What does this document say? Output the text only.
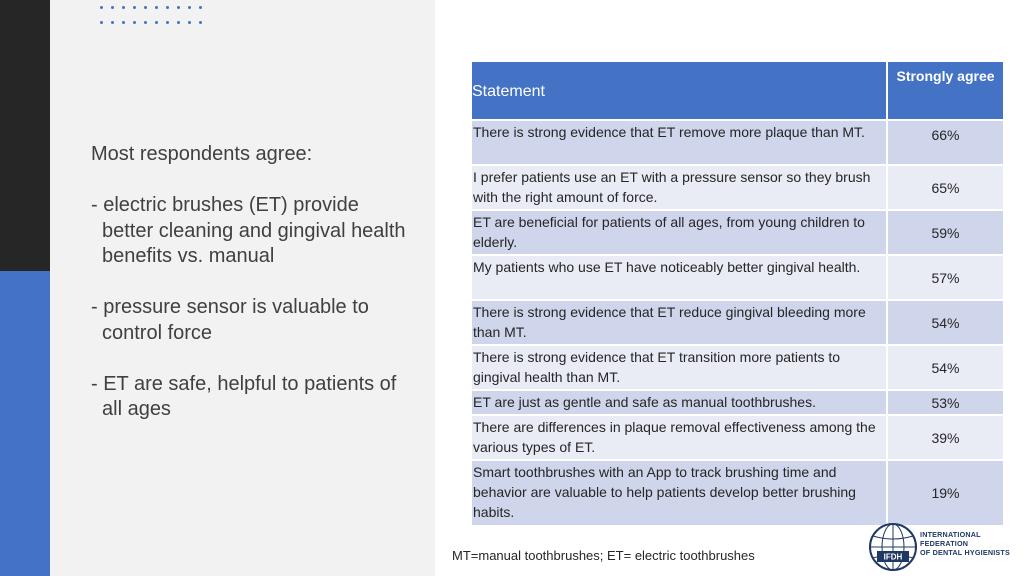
Most respondents agree:
- electric brushes (ET) provide better cleaning and gingival health benefits vs. manual
- pressure sensor is valuable to control force
- ET are safe, helpful to patients of all ages
Statement	Strongly agree
There is strong evidence that ET remove more plaque than MT.	66%
I prefer patients use an ET with a pressure sensor so they brush with the right amount of force.	65%
ET are beneficial for patients of all ages, from young children to elderly.	59%
My patients who use ET have noticeably better gingival health.	57%
There is strong evidence that ET reduce gingival bleeding more than MT.	54%
There is strong evidence that ET transition more patients to gingival health than MT.	54%
ET are just as gentle and safe as manual toothbrushes.	53%
There are differences in plaque removal effectiveness among the various types of ET.	39%
Smart toothbrushes with an App to track brushing time and behavior are valuable to help patients develop better brushing habits.	19%
MT=manual toothbrushes; ET= electric toothbrushes	IFDH
INTERNATIONAL FEDERATION
OF DENTAL HYGIENISTS
